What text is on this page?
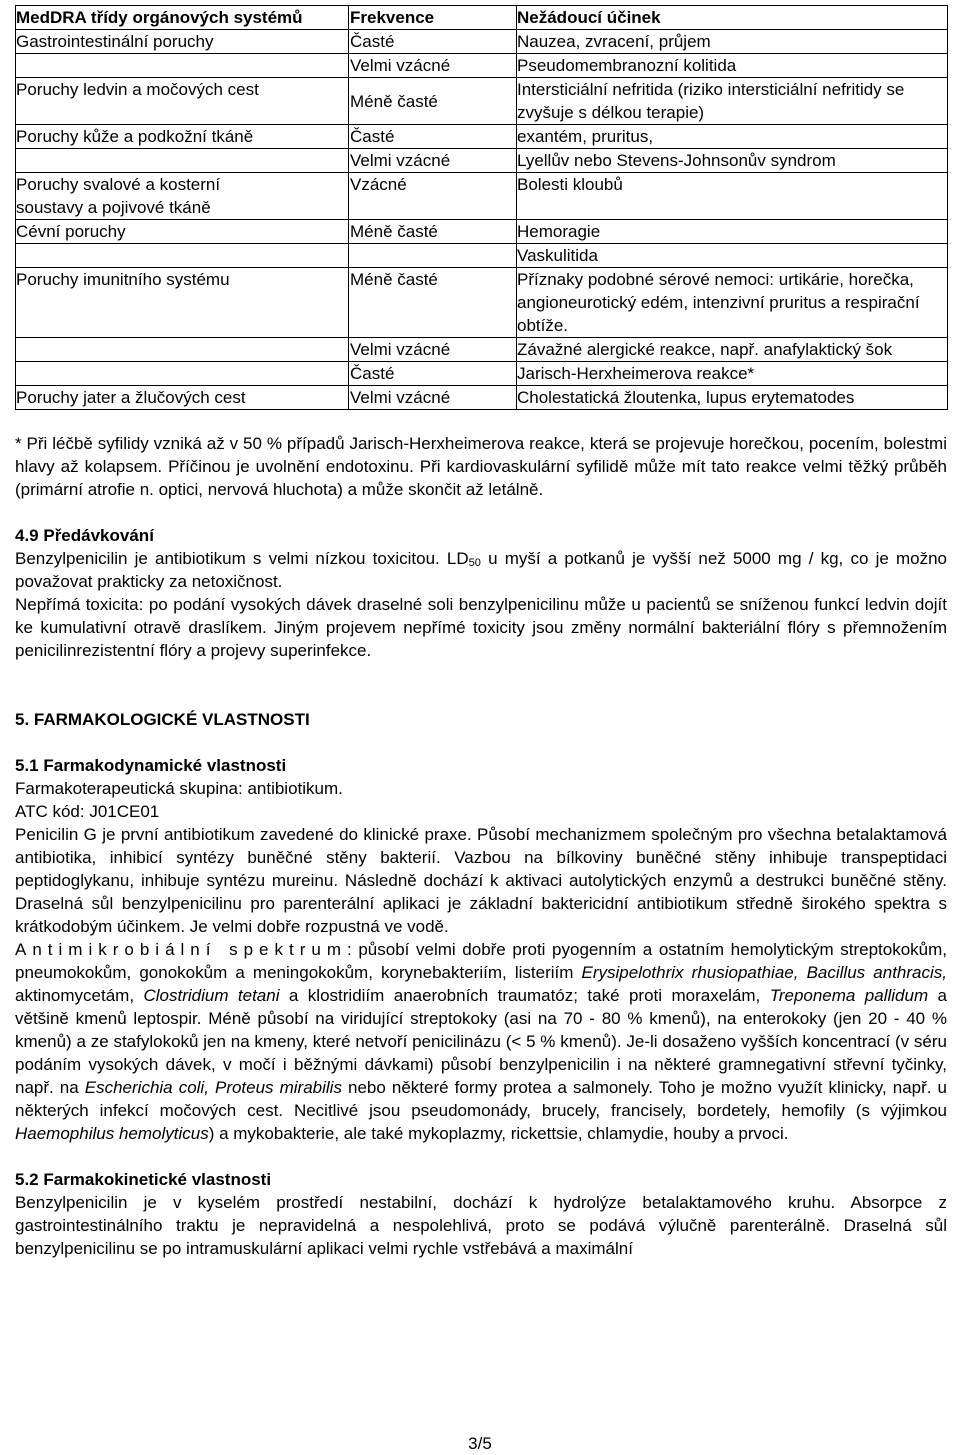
MedDRA třídy orgánových systémů	Frekvence	Nežádoucí účinek
Gastrointestinální poruchy	Časté	Nauzea, zvracení, průjem
	Velmi vzácné	Pseudomembranozní kolitida
Poruchy ledvin a močových cest	Méně časté	Intersticiální nefritida (riziko intersticiální nefritidy se zvyšuje s délkou terapie)
Poruchy kůže a podkožní tkáně	Časté	exantém, pruritus,
	Velmi vzácné	Lyellův nebo Stevens-Johnsonův syndrom
Poruchy svalové a kosterní soustavy a pojivové tkáně	Vzácné	Bolesti kloubů
Cévní poruchy	Méně časté	Hemoragie
		Vaskulitida
Poruchy imunitního systému	Méně časté	Příznaky podobné sérové nemoci: urtikárie, horečka, angioneurotický edém, intenzivní pruritus a respirační obtíže.
	Velmi vzácné	Závažné alergické reakce, např. anafylaktický šok
	Časté	Jarisch-Herxheimerova reakce*
Poruchy jater a žlučových cest	Velmi vzácné	Cholestatická žloutenka, lupus erytematodes

* Při léčbě syfilidy vzniká až v 50 % případů Jarisch-Herxheimerova reakce, která se projevuje horečkou, pocením, bolestmi hlavy až kolapsem. Příčinou je uvolnění endotoxinu. Při kardiovaskulární syfilidě může mít tato reakce velmi těžký průběh (primární atrofie n. optici, nervová hluchota) a může skončit až letálně.

4.9 Předávkování

Benzylpenicilin je antibiotikum s velmi nízkou toxicitou. LD50 u myší a potkanů je vyšší než 5000 mg / kg, co je možno považovat prakticky za netoxičnost.

Nepřímá toxicita: po podání vysokých dávek draselné soli benzylpenicilinu může u pacientů se sníženou funkcí ledvin dojít ke kumulativní otravě draslíkem. Jiným projevem nepřímé toxicity jsou změny normální bakteriální flóry s přemnožením penicilinrezistentní flóry a projevy superinfekce.

5. FARMAKOLOGICKÉ VLASTNOSTI

5.1 Farmakodynamické vlastnosti

Farmakoterapeutická skupina: antibiotikum.

ATC kód: J01CE01

Penicilin G je první antibiotikum zavedené do klinické praxe. Působí mechanizmem společným pro všechna betalaktamová antibiotika, inhibicí syntézy buněčné stěny bakterií. Vazbou na bílkoviny buněčné stěny inhibuje transpeptidaci peptidoglykanu, inhibuje syntézu mureinu. Následně dochází k aktivaci autolytických enzymů a destrukci buněčné stěny. Draselná sůl benzylpenicilinu pro parenterální aplikaci je základní baktericidní antibiotikum středně širokého spektra s krátkodobým účinkem. Je velmi dobře rozpustná ve vodě.

Antimikrobiální spektrum: působí velmi dobře proti pyogenním a ostatním hemolytickým streptokokům, pneumokokům, gonokokům a meningokokům, korynebakteriím, listeriím Erysipelothrix rhusiopathiae, Bacillus anthracis, aktinomycetám, Clostridium tetani a klostridiím anaerobních traumatóz; také proti moraxelám, Treponema pallidum a většině kmenů leptospir. Méně působí na viridující streptokoky (asi na 70 - 80 % kmenů), na enterokoky (jen 20 - 40 % kmenů) a ze stafylokoků jen na kmeny, které netvoří penicilinázu (< 5 % kmenů). Je-li dosaženo vyšších koncentrací (v séru podáním vysokých dávek, v močí i běžnými dávkami) působí benzylpenicilin i na některé gramnegativní střevní tyčinky, např. na Escherichia coli, Proteus mirabilis nebo některé formy protea a salmonely. Toho je možno využít klinicky, např. u některých infekcí močových cest. Necitlivé jsou pseudomonády, brucely, francisely, bordetely, hemofily (s výjimkou Haemophilus hemolyticus) a mykobakterie, ale také mykoplazmy, rickettsie, chlamydie, houby a prvoci.

5.2 Farmakokinetické vlastnosti

Benzylpenicilin je v kyselém prostředí nestabilní, dochází k hydrolýze betalaktamového kruhu. Absorpce z gastrointestinálního traktu je nepravidelná a nespolehlivá, proto se podává výlučně parenterálně. Draselná sůl benzylpenicilinu se po intramuskulární aplikaci velmi rychle vstřebává a maximální

3/5
